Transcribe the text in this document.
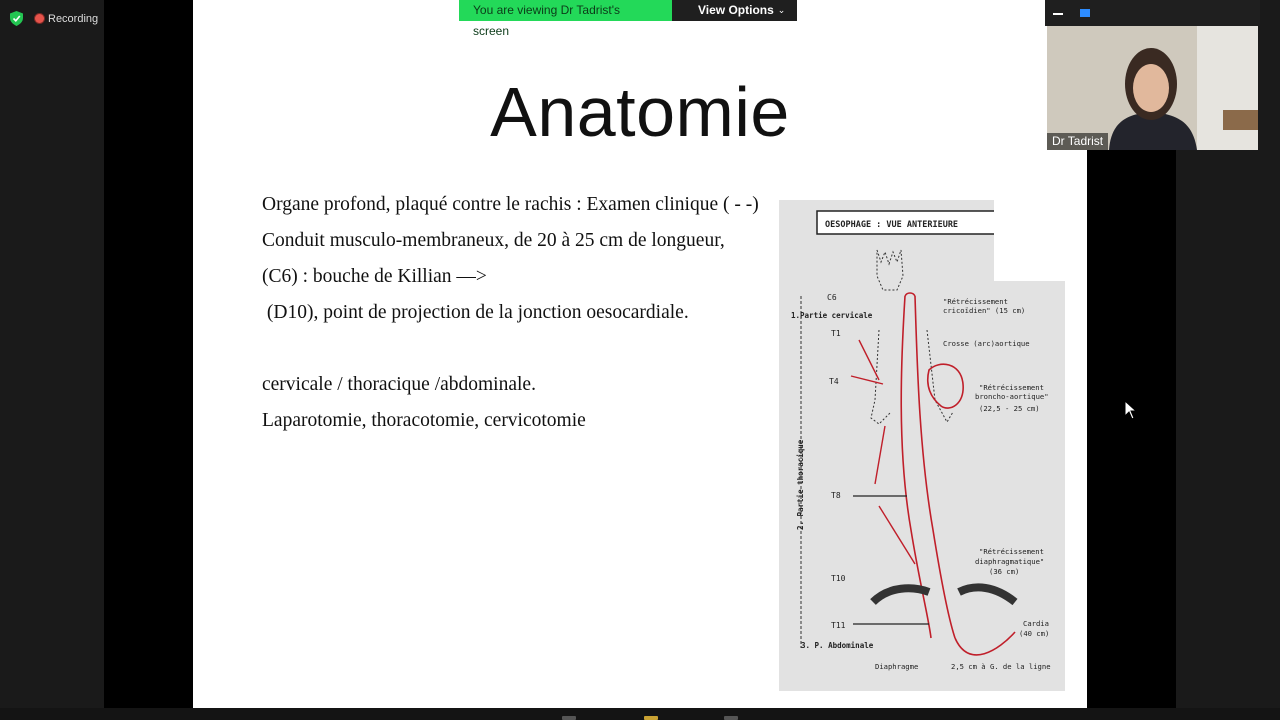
Recording
Anatomie
Organe profond, plaqué contre le rachis : Examen clinique ( - -)
Conduit musculo-membraneux, de 20 à 25 cm de longueur,
(C6) : bouche de Killian —>
(D10), point de projection de la jonction oesocardiale.
cervicale / thoracique /abdominale.
Laparotomie, thoracotomie, cervicotomie
OESOPHAGE : VUE ANTERIEURE
C6
1.Partie cervicale
T1
T4
T8
T10
T11
2. Partie thoracique
3. P. Abdominale
"Rétrécissement
cricoïdien" (15 cm)
Crosse (arc)aortique
"Rétrécissement
broncho-aortique"
(22,5 - 25 cm)
"Rétrécissement
diaphragmatique"
(36 cm)
Cardia
(40 cm)
Diaphragme	2,5 cm à G. de la ligne
You are viewing Dr Tadrist's screen
View Options ⌄
Dr Tadrist
